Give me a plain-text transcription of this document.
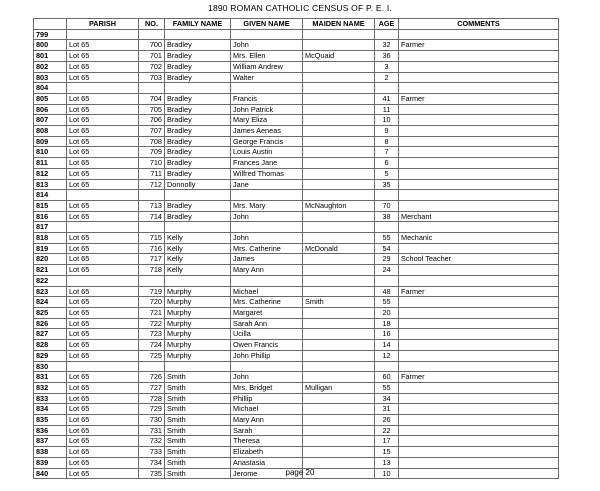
1890 ROMAN CATHOLIC CENSUS OF P. E. I.
	PARISH	NO.	FAMILY NAME	GIVEN NAME	MAIDEN NAME	AGE	COMMENTS
799							
800	Lot 65	700	Bradley	John		32	Farmer
801	Lot 65	701	Bradley	Mrs. Ellen	McQuaid	36	
802	Lot 65	702	Bradley	William Andrew		3	
803	Lot 65	703	Bradley	Walter		2	
804							
805	Lot 65	704	Bradley	Francis		41	Farmer
806	Lot 65	705	Bradley	John Patrick		11	
807	Lot 65	706	Bradley	Mary Eliza		10	
808	Lot 65	707	Bradley	James Aeneas		9	
809	Lot 65	708	Bradley	George Francis		8	
810	Lot 65	709	Bradley	Louis Austin		7	
811	Lot 65	710	Bradley	Frances Jane		6	
812	Lot 65	711	Bradley	Wilfred Thomas		5	
813	Lot 65	712	Donnolly	Jane		35	
814							
815	Lot 65	713	Bradley	Mrs. Mary	McNaughton	70	
816	Lot 65	714	Bradley	John		38	Merchant
817							
818	Lot 65	715	Kelly	John		55	Mechanic
819	Lot 65	716	Kelly	Mrs. Catherine	McDonald	54	
820	Lot 65	717	Kelly	James		29	School Teacher
821	Lot 65	718	Kelly	Mary Ann		24	
822							
823	Lot 65	719	Murphy	Michael		48	Farmer
824	Lot 65	720	Murphy	Mrs. Catherine	Smith	55	
825	Lot 65	721	Murphy	Margaret		20	
826	Lot 65	722	Murphy	Sarah Ann		18	
827	Lot 65	723	Murphy	Ucilla		16	
828	Lot 65	724	Murphy	Owen Francis		14	
829	Lot 65	725	Murphy	John Phillip		12	
830							
831	Lot 65	726	Smith	John		60	Farmer
832	Lot 65	727	Smith	Mrs. Bridget	Mulligan	55	
833	Lot 65	728	Smith	Phillip		34	
834	Lot 65	729	Smith	Michael		31	
835	Lot 65	730	Smith	Mary Ann		26	
836	Lot 65	731	Smith	Sarah		22	
837	Lot 65	732	Smith	Theresa		17	
838	Lot 65	733	Smith	Elizabeth		15	
839	Lot 65	734	Smith	Anastasia		13	
840	Lot 65	735	Smith	Jerome		10	
page 20
